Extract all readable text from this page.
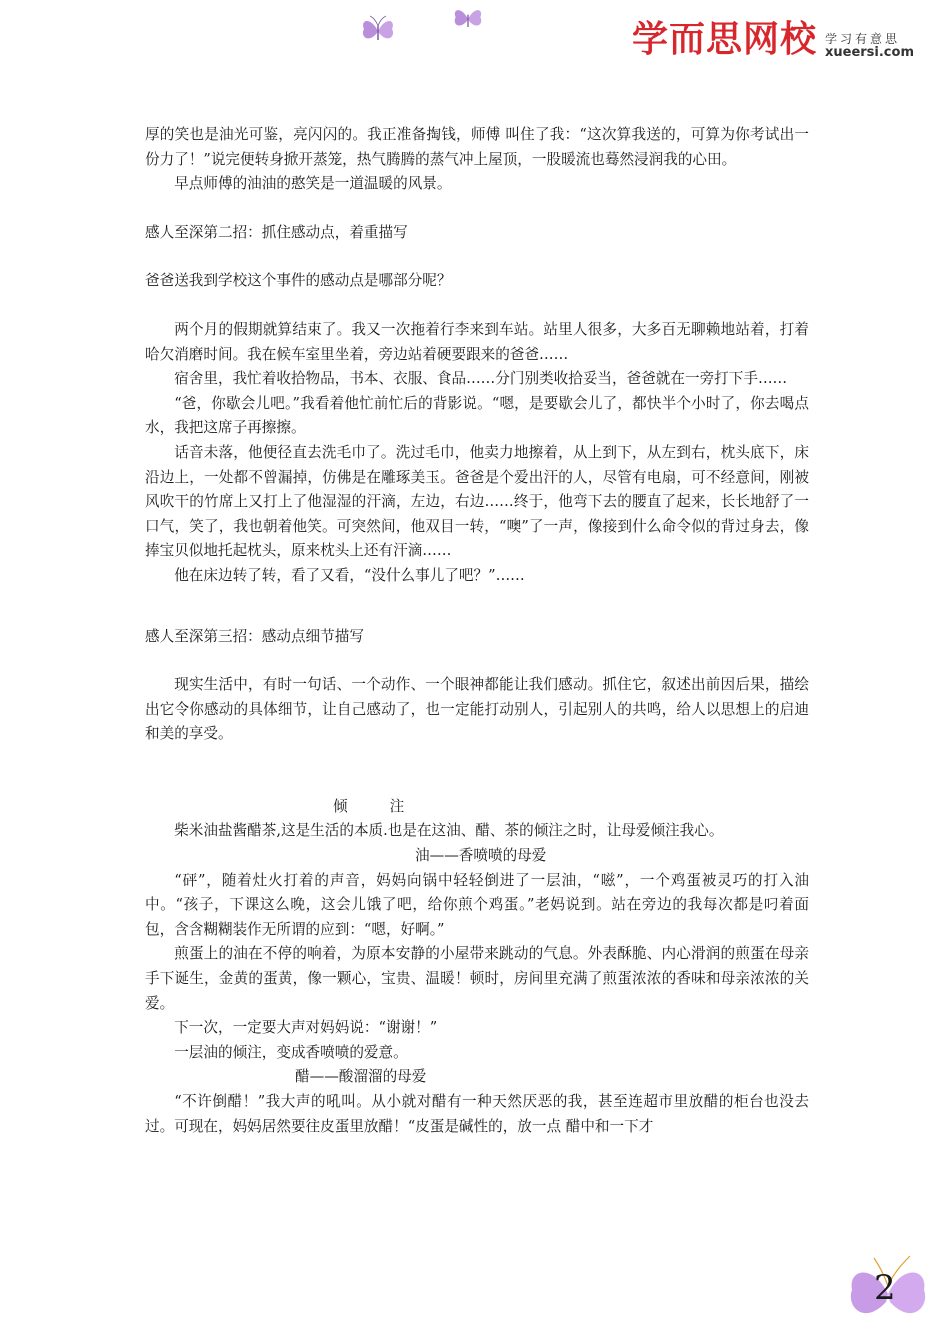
学而思网校 学习有意思
xueersi.com

厚的笑也是油光可鉴，亮闪闪的。我正准备掏钱，师傅 叫住了我：“这次算我送的，可算为你考试出一份力了！”说完便转身掀开蒸笼，热气腾腾的蒸气冲上屋顶，一股暖流也蓦然浸润我的心田。

早点师傅的油油的憨笑是一道温暖的风景。

感人至深第二招：抓住感动点，着重描写

爸爸送我到学校这个事件的感动点是哪部分呢？

两个月的假期就算结束了。我又一次拖着行李来到车站。站里人很多，大多百无聊赖地站着，打着哈欠消磨时间。我在候车室里坐着，旁边站着硬要跟来的爸爸……

宿舍里，我忙着收拾物品，书本、衣服、食品……分门别类收拾妥当，爸爸就在一旁打下手……

“爸，你歇会儿吧。”我看着他忙前忙后的背影说。“嗯，是要歇会儿了，都快半个小时了，你去喝点水，我把这席子再擦擦。

话音未落，他便径直去洗毛巾了。洗过毛巾，他卖力地擦着，从上到下，从左到右，枕头底下，床沿边上，一处都不曾漏掉，仿佛是在雕琢美玉。爸爸是个爱出汗的人，尽管有电扇，可不经意间，刚被风吹干的竹席上又打上了他湿湿的汗滴，左边，右边……终于，他弯下去的腰直了起来，长长地舒了一口气，笑了，我也朝着他笑。可突然间，他双目一转，“噢”了一声，像接到什么命令似的背过身去，像捧宝贝似地托起枕头，原来枕头上还有汗滴……

他在床边转了转，看了又看，“没什么事儿了吧？”……

感人至深第三招：感动点细节描写

现实生活中，有时一句话、一个动作、一个眼神都能让我们感动。抓住它，叙述出前因后果，描绘出它令你感动的具体细节，让自己感动了，也一定能打动别人，引起别人的共鸣，给人以思想上的启迪和美的享受。

倾	注

柴米油盐酱醋茶,这是生活的本质.也是在这油、醋、茶的倾注之时，让母爱倾注我心。

油——香喷喷的母爱

“砰”，随着灶火打着的声音，妈妈向锅中轻轻倒进了一层油，“嗞”，一个鸡蛋被灵巧的打入油中。“孩子，下课这么晚，这会儿饿了吧，给你煎个鸡蛋。”老妈说到。站在旁边的我每次都是叼着面包，含含糊糊装作无所谓的应到：“嗯，好啊。”

煎蛋上的油在不停的响着，为原本安静的小屋带来跳动的气息。外表酥脆、内心滑润的煎蛋在母亲手下诞生，金黄的蛋黄，像一颗心，宝贵、温暖！顿时，房间里充满了煎蛋浓浓的香味和母亲浓浓的关爱。

下一次，一定要大声对妈妈说：“谢谢！”

一层油的倾注，变成香喷喷的爱意。

醋——酸溜溜的母爱

“不许倒醋！”我大声的吼叫。从小就对醋有一种天然厌恶的我，甚至连超市里放醋的柜台也没去过。可现在，妈妈居然要往皮蛋里放醋！“皮蛋是碱性的，放一点 醋中和一下才

2
